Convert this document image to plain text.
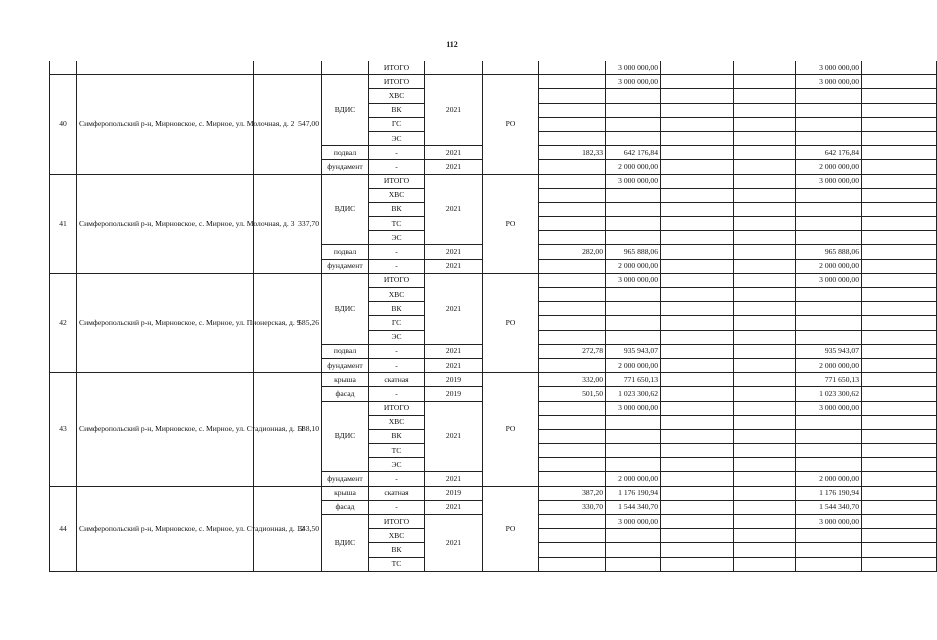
112
				ИТОГО				3 000 000,00			3 000 000,00	
40	Симферопольский р-н, Мирновское, с. Мирное, ул. Молочная, д. 2	547,00	ВДИС	ИТОГО	2021	РО		3 000 000,00			3 000 000,00	
				ХВС								
				ВК								
				ГС								
				ЭС								
			подвал	-	2021		182,33	642 176,84			642 176,84	
			фундамент	-	2021			2 000 000,00			2 000 000,00	
41	Симферопольский р-н, Мирновское, с. Мирное, ул. Молочная, д. 3	337,70	ВДИС	ИТОГО	2021	РО		3 000 000,00			3 000 000,00	
				ХВС								
				ВК								
				ТС								
				ЭС								
			подвал	-	2021		282,00	965 888,06			965 888,06	
			фундамент	-	2021			2 000 000,00			2 000 000,00	
42	Симферопольский р-н, Мирновское, с. Мирное, ул. Пионерская, д. 9	585,26	ВДИС	ИТОГО	2021	РО		3 000 000,00			3 000 000,00	
				ХВС								
				ВК								
				ГС								
				ЭС								
			подвал	-	2021		272,78	935 943,07			935 943,07	
			фундамент	-	2021			2 000 000,00			2 000 000,00	
43	Симферопольский р-н, Мирновское, с. Мирное, ул. Стадионная, д. 11	588,10	крыша	скатная	2019	РО	332,00	771 650,13			771 650,13	
			фасад	-	2019		501,50	1 023 300,62			1 023 300,62	
			ВДИС	ИТОГО	2021			3 000 000,00			3 000 000,00	
				ХВС								
				ВК								
				ТС								
				ЭС								
			фундамент	-	2021			2 000 000,00			2 000 000,00	
44	Симферопольский р-н, Мирновское, с. Мирное, ул. Стадионная, д. 12	343,50	крыша	скатная	2019	РО	387,20	1 176 190,94			1 176 190,94	
			фасад	-	2021		330,70	1 544 340,70			1 544 340,70	
			ВДИС	ИТОГО	2021			3 000 000,00			3 000 000,00	
				ХВС								
				ВК								
				ТС								
